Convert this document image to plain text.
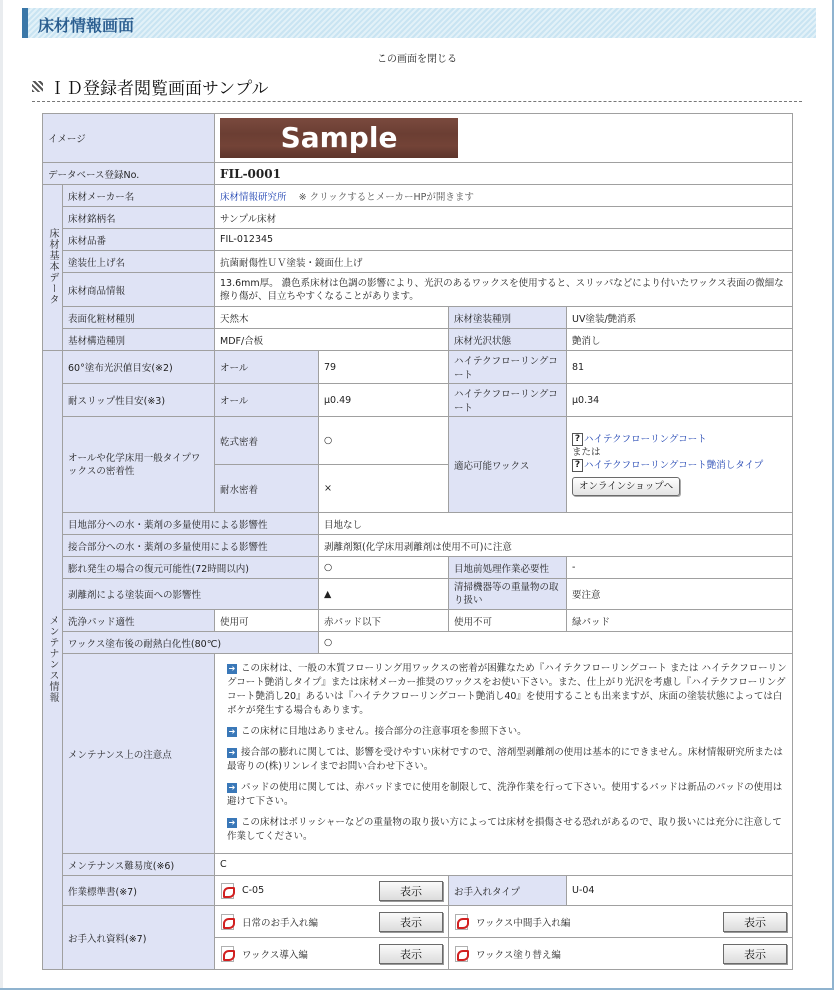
床材情報画面
この画面を閉じる
ＩＤ登録者閲覧画面サンプル
イメージ		Sample			

データベース登録No.		FIL-0001			
床材基本データ	床材メーカー名	床材情報研究所 ※ クリックするとメーカーHPが開きます			
	床材銘柄名	サンプル床材			
	床材品番	FIL-012345			
	塗装仕上げ名	抗菌耐傷性ＵＶ塗装・鏡面仕上げ			
	床材商品情報	13.6mm厚。 濃色系床材は色調の影響により、光沢のあるワックスを使用すると、スリッパなどにより付いたワックス表面の微細な擦り傷が、目立ちやすくなることがあります。			
	表面化粧材種別	天然木		床材塗装種別	UV塗装/艶消系
	基材構造種別	MDF/合板		床材光沢状態	艶消し
メンテナンス情報	60°塗布光沢値目安(※2)	オール	79	ハイテクフローリングコート	81
	耐スリップ性目安(※3)	オール	μ0.49	ハイテクフローリングコート	μ0.34
	オールや化学床用一般タイプワックスの密着性	乾式密着	○	適応可能ワックス	? ハイテクフローリングコート
または
? ハイテクフローリングコート艶消しタイプ
オンラインショップへ
		耐水密着	×		
	目地部分への水・薬剤の多量使用による影響性		目地なし		
	接合部分への水・薬剤の多量使用による影響性		剥離剤類(化学床用剥離剤は使用不可)に注意		
	膨れ発生の場合の復元可能性(72時間以内)		○	目地前処理作業必要性	-
	剥離剤による塗装面への影響性		▲	清掃機器等の重量物の取り扱い	要注意
	洗浄パッド適性	使用可	赤パッド以下	使用不可	緑パッド
	ワックス塗布後の耐熱白化性(80℃)		○		
	メンテナンス上の注意点	➔ この床材は、一般の木質フローリング用ワックスの密着が困難なため『ハイテクフローリングコート または ハイテクフローリングコート艶消しタイプ』または床材メーカー推奨のワックスをお使い下さい。また、仕上がり光沢を考慮し『ハイテクフローリングコート艶消し20』あるいは『ハイテクフローリングコート艶消し40』を使用することも出来ますが、床面の塗装状態によっては白ボケが発生する場合もあります。

➔ この床材に目地はありません。接合部分の注意事項を参照下さい。

➔ 接合部の膨れに関しては、影響を受けやすい床材ですので、溶剤型剥離剤の使用は基本的にできません。床材情報研究所または最寄りの(株)リンレイまでお問い合わせ下さい。

➔ パッドの使用に関しては、赤パッドまでに使用を制限して、洗浄作業を行って下さい。使用するパッドは新品のパッドの使用は避けて下さい。

➔ この床材はポリッシャーなどの重量物の取り扱い方によっては床材を損傷させる恐れがあるので、取り扱いには充分に注意して作業してください。			

	メンテナンス難易度(※6)	C			
	作業標準書(※7)	C-05 表示		お手入れタイプ	U-04
	お手入れ資料(※7)	日常のお手入れ編 表示		ワックス中間手入れ編 表示	

		ワックス導入編 表示		ワックス塗り替え編 表示	
